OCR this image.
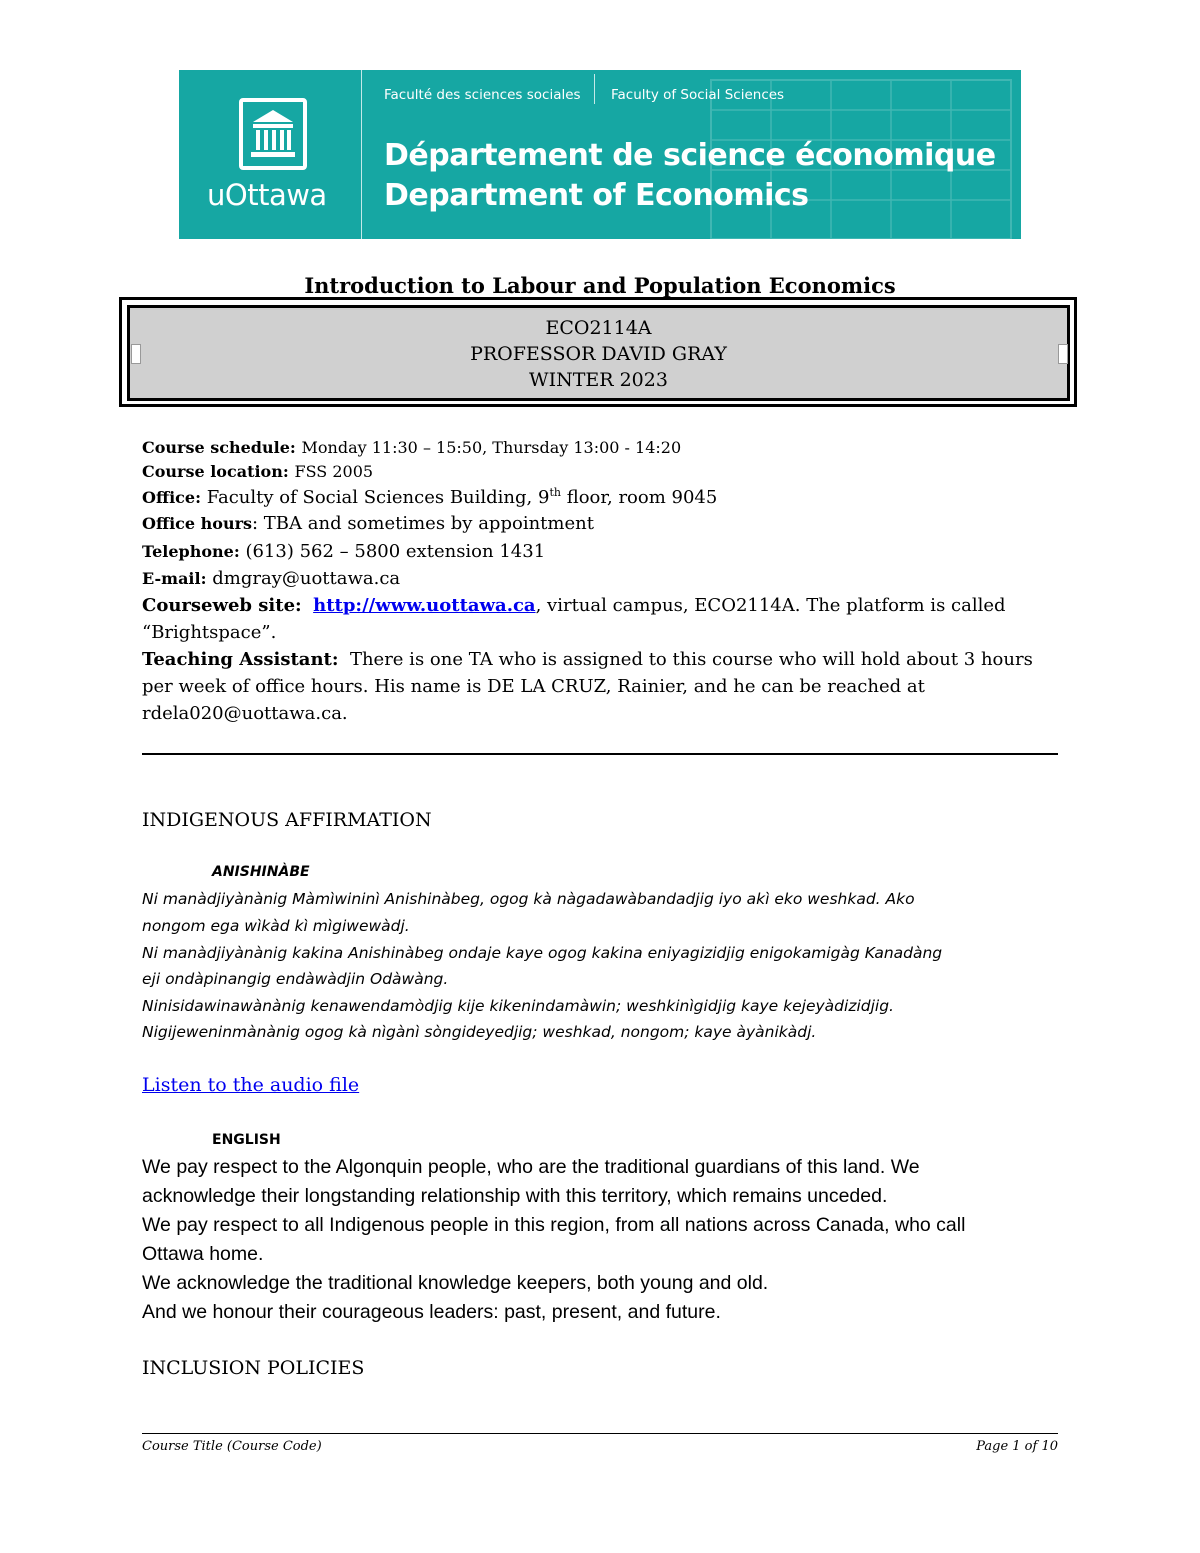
uOttawa
Faculté des sciences sociales Faculty of Social Sciences
Département de science économique
Department of Economics
Introduction to Labour and Population Economics
ECO2114A
PROFESSOR DAVID GRAY
WINTER 2023
Course schedule: Monday 11:30 – 15:50, Thursday 13:00 - 14:20
Course location: FSS 2005
Office: Faculty of Social Sciences Building, 9th floor, room 9045
Office hours: TBA and sometimes by appointment
Telephone: (613) 562 – 5800 extension 1431
E-mail: dmgray@uottawa.ca
Courseweb site: http://www.uottawa.ca, virtual campus, ECO2114A. The platform is called
“Brightspace”.
Teaching Assistant: There is one TA who is assigned to this course who will hold about 3 hours
per week of office hours. His name is DE LA CRUZ, Rainier, and he can be reached at
rdela020@uottawa.ca.
INDIGENOUS AFFIRMATION
ANISHINÀBE
Ni manàdjiyànànig Màmìwininì Anishinàbeg, ogog kà nàgadawàbandadjig iyo akì eko weshkad. Ako
nongom ega wìkàd kì mìgiwewàdj.
Ni manàdjiyànànig kakina Anishinàbeg ondaje kaye ogog kakina eniyagizidjig enigokamigàg Kanadàng
eji ondàpinangig endàwàdjin Odàwàng.
Ninisidawinawànànig kenawendamòdjig kije kikenindamàwin; weshkinìgidjig kaye kejeyàdizidjig.
Nigijeweninmànànig ogog kà nìgànì sòngideyedjig; weshkad, nongom; kaye àyànikàdj.
Listen to the audio file
ENGLISH
We pay respect to the Algonquin people, who are the traditional guardians of this land. We
acknowledge their longstanding relationship with this territory, which remains unceded.
We pay respect to all Indigenous people in this region, from all nations across Canada, who call
Ottawa home.
We acknowledge the traditional knowledge keepers, both young and old.
And we honour their courageous leaders: past, present, and future.
INCLUSION POLICIES
Course Title (Course Code)	Page 1 of 10
